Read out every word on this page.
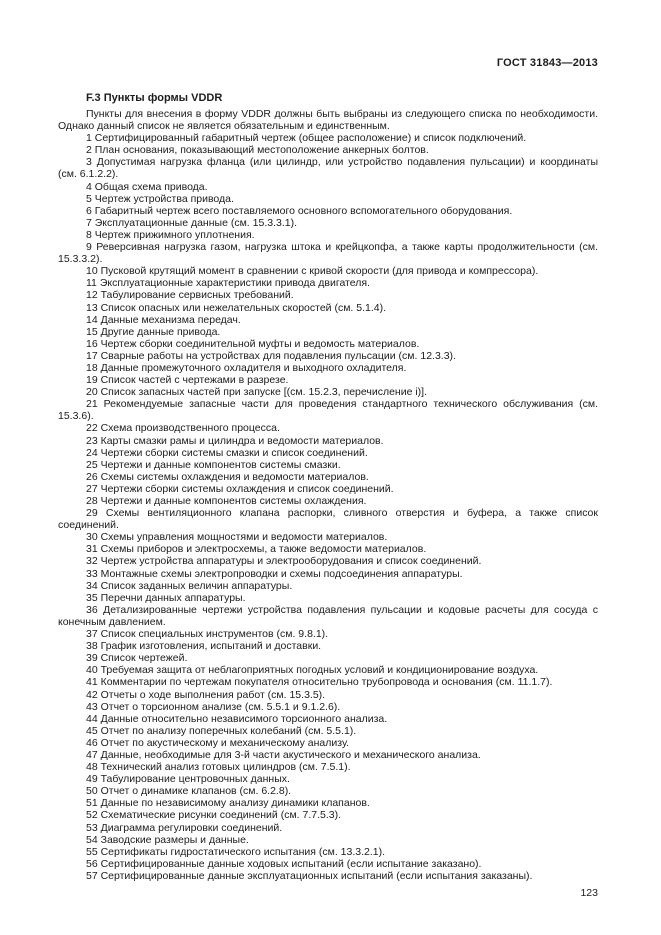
ГОСТ 31843—2013
F.3 Пункты формы VDDR

Пункты для внесения в форму VDDR должны быть выбраны из следующего списка по необходимости. Однако данный список не является обязательным и единственным.

1 Сертифицированный габаритный чертеж (общее расположение) и список подключений.

2 План основания, показывающий местоположение анкерных болтов.

3 Допустимая нагрузка фланца (или цилиндр, или устройство подавления пульсации) и координаты (см. 6.1.2.2).

4 Общая схема привода.

5 Чертеж устройства привода.

6 Габаритный чертеж всего поставляемого основного вспомогательного оборудования.

7 Эксплуатационные данные (см. 15.3.3.1).

8 Чертеж прижимного уплотнения.

9 Реверсивная нагрузка газом, нагрузка штока и крейцкопфа, а также карты продолжительности (см. 15.3.3.2).

10 Пусковой крутящий момент в сравнении с кривой скорости (для привода и компрессора).

11 Эксплуатационные характеристики привода двигателя.

12 Табулирование сервисных требований.

13 Список опасных или нежелательных скоростей (см. 5.1.4).

14 Данные механизма передач.

15 Другие данные привода.

16 Чертеж сборки соединительной муфты и ведомость материалов.

17 Сварные работы на устройствах для подавления пульсации (см. 12.3.3).

18 Данные промежуточного охладителя и выходного охладителя.

19 Список частей с чертежами в разрезе.

20 Список запасных частей при запуске [(см. 15.2.3, перечисление i)].

21 Рекомендуемые запасные части для проведения стандартного технического обслуживания (см. 15.3.6).

22 Схема производственного процесса.

23 Карты смазки рамы и цилиндра и ведомости материалов.

24 Чертежи сборки системы смазки и список соединений.

25 Чертежи и данные компонентов системы смазки.

26 Схемы системы охлаждения и ведомости материалов.

27 Чертежи сборки системы охлаждения и список соединений.

28 Чертежи и данные компонентов системы охлаждения.

29 Схемы вентиляционного клапана распорки, сливного отверстия и буфера, а также список соединений.

30 Схемы управления мощностями и ведомости материалов.

31 Схемы приборов и электросхемы, а также ведомости материалов.

32 Чертеж устройства аппаратуры и электрооборудования и список соединений.

33 Монтажные схемы электропроводки и схемы подсоединения аппаратуры.

34 Список заданных величин аппаратуры.

35 Перечни данных аппаратуры.

36 Детализированные чертежи устройства подавления пульсации и кодовые расчеты для сосуда с конечным давлением.

37 Список специальных инструментов (см. 9.8.1).

38 График изготовления, испытаний и доставки.

39 Список чертежей.

40 Требуемая защита от неблагоприятных погодных условий и кондиционирование воздуха.

41 Комментарии по чертежам покупателя относительно трубопровода и основания (см. 11.1.7).

42 Отчеты о ходе выполнения работ (см. 15.3.5).

43 Отчет о торсионном анализе (см. 5.5.1 и 9.1.2.6).

44 Данные относительно независимого торсионного анализа.

45 Отчет по анализу поперечных колебаний (см. 5.5.1).

46 Отчет по акустическому и механическому анализу.

47 Данные, необходимые для 3-й части акустического и механического анализа.

48 Технический анализ готовых цилиндров (см. 7.5.1).

49 Табулирование центровочных данных.

50 Отчет о динамике клапанов (см. 6.2.8).

51 Данные по независимому анализу динамики клапанов.

52 Схематические рисунки соединений (см. 7.7.5.3).

53 Диаграмма регулировки соединений.

54 Заводские размеры и данные.

55 Сертификаты гидростатического испытания (см. 13.3.2.1).

56 Сертифицированные данные ходовых испытаний (если испытание заказано).

57 Сертифицированные данные эксплуатационных испытаний (если испытания заказаны).

123
